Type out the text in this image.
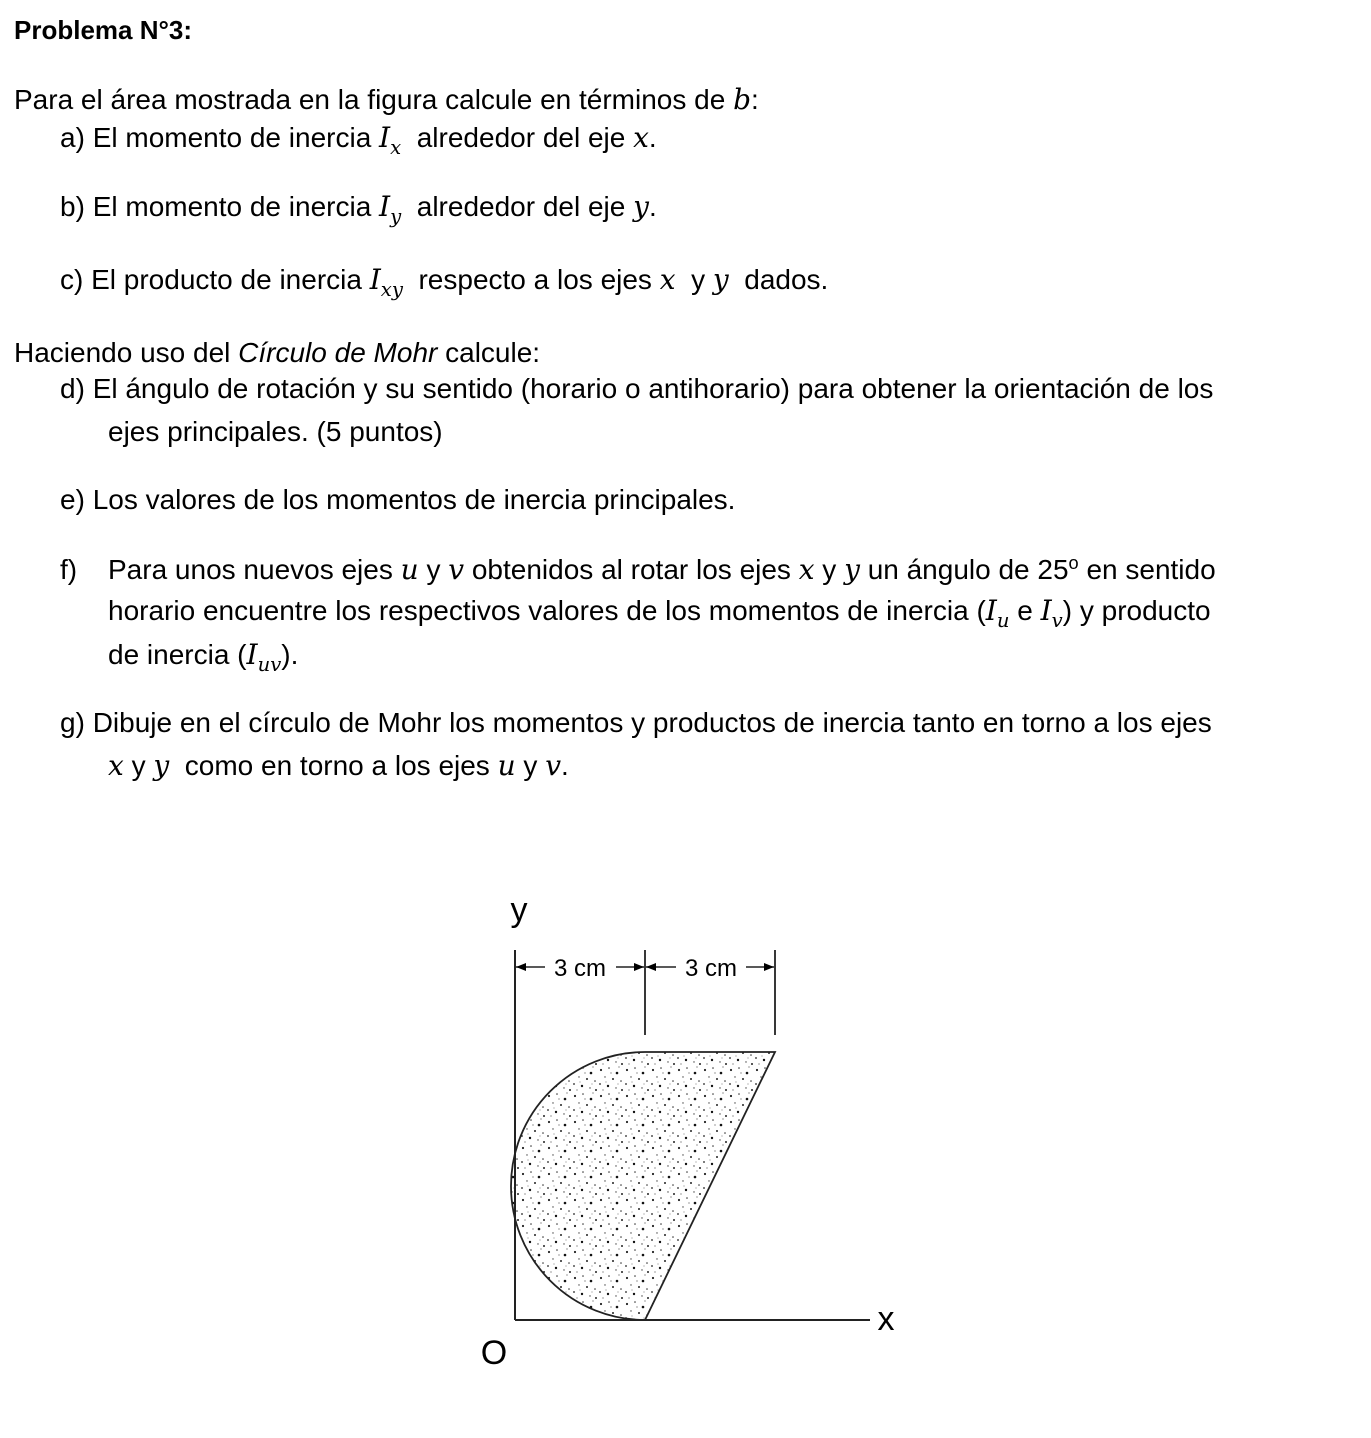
Problema N°3:
Para el área mostrada en la figura calcule en términos de b:
a) El momento de inercia $I_x$ alrededor del eje x.
b) El momento de inercia $I_y$ alrededor del eje y.
c) El producto de inercia $I_{xy}$ respecto a los ejes x y y dados.
Haciendo uso del Círculo de Mohr calcule:
d) El ángulo de rotación y su sentido (horario o antihorario) para obtener la orientación de los
ejes principales. (5 puntos)
e) Los valores de los momentos de inercia principales.
f) Para unos nuevos ejes u y v obtenidos al rotar los ejes x y y un ángulo de 25$^o$ en sentido
horario encuentre los respectivos valores de los momentos de inercia ($I_u$ e $I_v$) y producto
de inercia $(I_{uv})$.
g) Dibuje en el círculo de Mohr los momentos y productos de inercia tanto en torno a los ejes
x y y como en torno a los ejes u y v.
3 cm	3 cm
y
x
O
